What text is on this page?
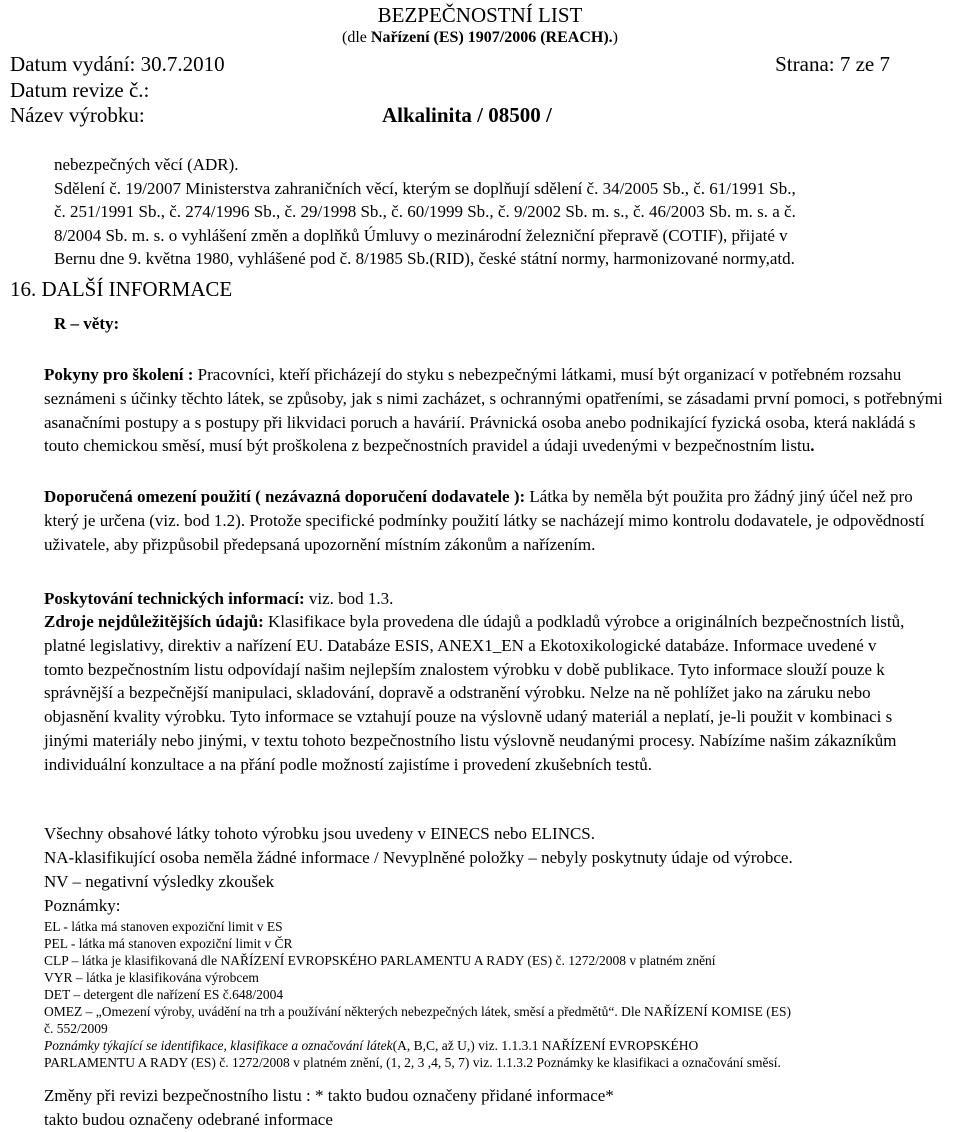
BEZPEČNOSTNÍ LIST
(dle Nařízení (ES) 1907/2006 (REACH).)
Datum vydání: 30.7.2010	Strana: 7 ze 7
Datum revize č.:
Název výrobku:	Alkalinita / 08500 /
nebezpečných věcí (ADR).
Sdělení č. 19/2007 Ministerstva zahraničních věcí, kterým se doplňují sdělení č. 34/2005 Sb., č. 61/1991 Sb.,
č. 251/1991 Sb., č. 274/1996 Sb., č. 29/1998 Sb., č. 60/1999 Sb., č. 9/2002 Sb. m. s., č. 46/2003 Sb. m. s. a č.
8/2004 Sb. m. s. o vyhlášení změn a doplňků Úmluvy o mezinárodní železniční přepravě (COTIF), přijaté v
Bernu dne 9. května 1980, vyhlášené pod č. 8/1985 Sb.(RID), české státní normy, harmonizované normy,atd.
16. DALŠÍ INFORMACE
R – věty:
Pokyny pro školení : Pracovníci, kteří přicházejí do styku s nebezpečnými látkami, musí být organizací v potřebném rozsahu seznámeni s účinky těchto látek, se způsoby, jak s nimi zacházet, s ochrannými opatřeními, se zásadami první pomoci, s potřebnými asanačními postupy a s postupy při likvidaci poruch a havárií. Právnická osoba anebo podnikající fyzická osoba, která nakládá s touto chemickou směsí, musí být proškolena z bezpečnostních pravidel a údaji uvedenými v bezpečnostním listu.
Doporučená omezení použití ( nezávazná doporučení dodavatele ): Látka by neměla být použita pro žádný jiný účel než pro který je určena (viz. bod 1.2). Protože specifické podmínky použití látky se nacházejí mimo kontrolu dodavatele, je odpovědností uživatele, aby přizpůsobil předepsaná upozornění místním zákonům a nařízením.
Poskytování technických informací: viz. bod 1.3.
Zdroje nejdůležitějších údajů: Klasifikace byla provedena dle údajů a podkladů výrobce a originálních bezpečnostních listů, platné legislativy, direktiv a nařízení EU. Databáze ESIS, ANEX1_EN a Ekotoxikologické databáze. Informace uvedené v tomto bezpečnostním listu odpovídají našim nejlepším znalostem výrobku v době publikace. Tyto informace slouží pouze k správnější a bezpečnější manipulaci, skladování, dopravě a odstranění výrobku. Nelze na ně pohlížet jako na záruku nebo objasnění kvality výrobku. Tyto informace se vztahují pouze na výslovně udaný materiál a neplatí, je-li použit v kombinaci s jinými materiály nebo jinými, v textu tohoto bezpečnostního listu výslovně neudanými procesy. Nabízíme našim zákazníkům individuální konzultace a na přání podle možností zajistíme i provedení zkušebních testů.
Všechny obsahové látky tohoto výrobku jsou uvedeny v EINECS nebo ELINCS.
NA-klasifikující osoba neměla žádné informace / Nevyplněné položky – nebyly poskytnuty údaje od výrobce.
NV – negativní výsledky zkoušek
Poznámky:
EL - látka má stanoven expoziční limit v ES
PEL - látka má stanoven expoziční limit v ČR
CLP – látka je klasifikovaná dle NAŘÍZENÍ EVROPSKÉHO PARLAMENTU A RADY (ES) č. 1272/2008 v platném znění
VYR – látka je klasifikována výrobcem
DET – detergent dle nařízení ES č.648/2004
OMEZ – „Omezení výroby, uvádění na trh a používání některých nebezpečných látek, směsí a předmětů“. Dle NAŘÍZENÍ KOMISE (ES)
č. 552/2009
Poznámky týkající se identifikace, klasifikace a označování látek(A, B,C, až U,) viz. 1.1.3.1 NAŘÍZENÍ EVROPSKÉHO
PARLAMENTU A RADY (ES) č. 1272/2008 v platném znění, (1, 2, 3 ,4, 5, 7) viz. 1.1.3.2 Poznámky ke klasifikaci a označování směsí.
Změny při revizi bezpečnostního listu : * takto budou označeny přidané informace*
takto budou označeny odebrané informace
